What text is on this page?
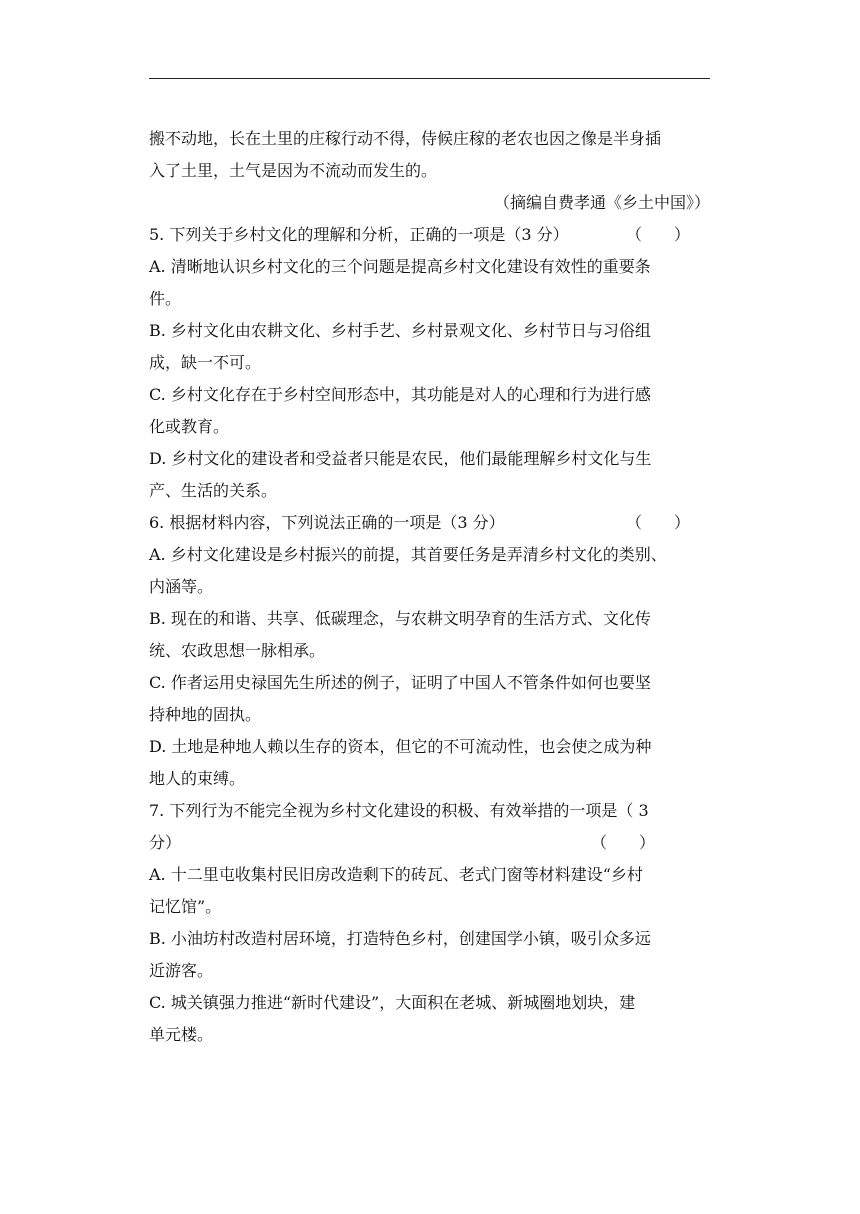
搬不动地，长在土里的庄稼行动不得，侍候庄稼的老农也因之像是半身插
入了土里，土气是因为不流动而发生的。
（摘编自费孝通《乡土中国》）
5. 下列关于乡村文化的理解和分析，正确的一项是（3 分）	（　　）
A. 清晰地认识乡村文化的三个问题是提高乡村文化建设有效性的重要条
件。
B. 乡村文化由农耕文化、乡村手艺、乡村景观文化、乡村节日与习俗组
成，缺一不可。
C. 乡村文化存在于乡村空间形态中，其功能是对人的心理和行为进行感
化或教育。
D. 乡村文化的建设者和受益者只能是农民，他们最能理解乡村文化与生
产、生活的关系。
6. 根据材料内容，下列说法正确的一项是（3 分）	（　　）
A. 乡村文化建设是乡村振兴的前提，其首要任务是弄清乡村文化的类别、
内涵等。
B. 现在的和谐、共享、低碳理念，与农耕文明孕育的生活方式、文化传
统、农政思想一脉相承。
C. 作者运用史禄国先生所述的例子，证明了中国人不管条件如何也要坚
持种地的固执。
D. 土地是种地人赖以生存的资本，但它的不可流动性，也会使之成为种
地人的束缚。
7. 下列行为不能完全视为乡村文化建设的积极、有效举措的一项是（ 3
分）	（　　）
A. 十二里屯收集村民旧房改造剩下的砖瓦、老式门窗等材料建设“乡村
记忆馆”。
B. 小油坊村改造村居环境，打造特色乡村，创建国学小镇，吸引众多远
近游客。
C. 城关镇强力推进“新时代建设”，大面积在老城、新城圈地划块，建
单元楼。
